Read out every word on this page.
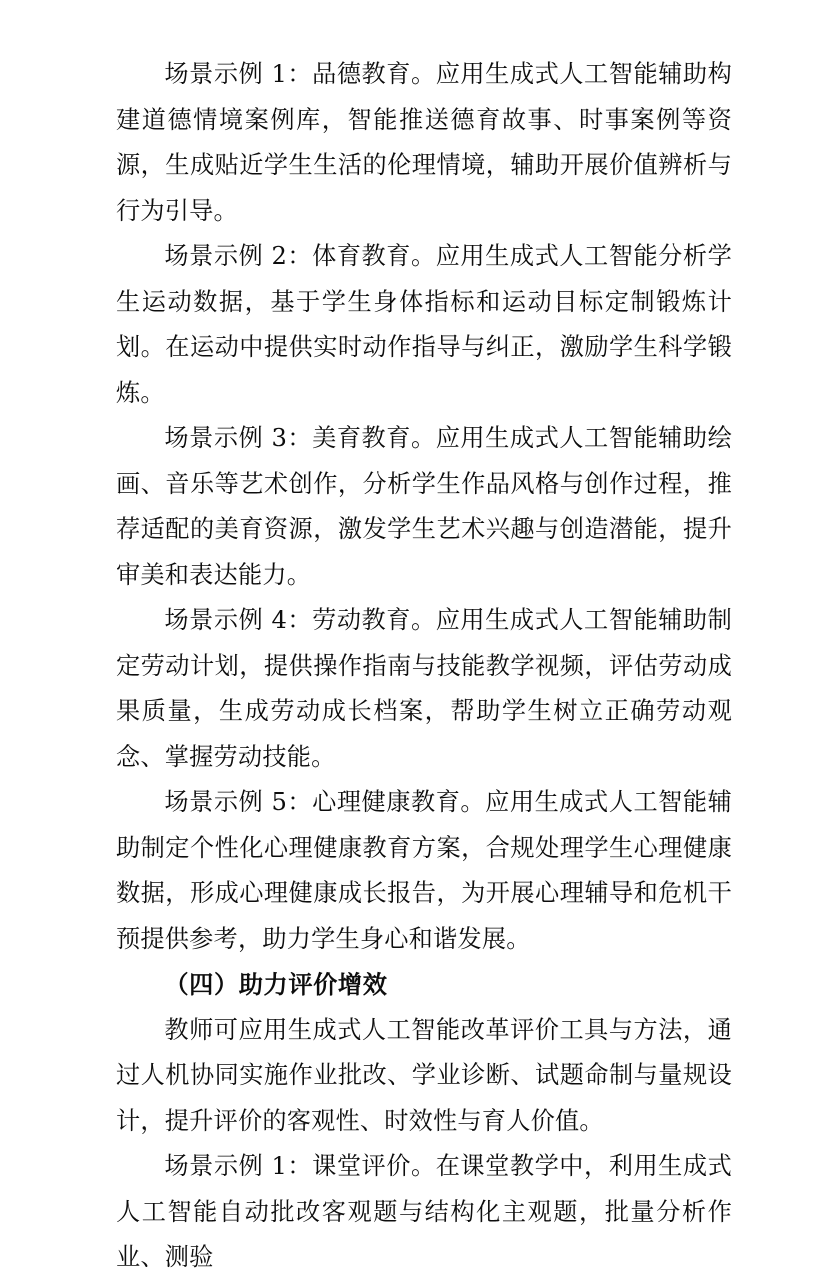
场景示例 1：品德教育。应用生成式人工智能辅助构建道德情境案例库，智能推送德育故事、时事案例等资源，生成贴近学生生活的伦理情境，辅助开展价值辨析与行为引导。

场景示例 2：体育教育。应用生成式人工智能分析学生运动数据，基于学生身体指标和运动目标定制锻炼计划。在运动中提供实时动作指导与纠正，激励学生科学锻炼。

场景示例 3：美育教育。应用生成式人工智能辅助绘画、音乐等艺术创作，分析学生作品风格与创作过程，推荐适配的美育资源，激发学生艺术兴趣与创造潜能，提升审美和表达能力。

场景示例 4：劳动教育。应用生成式人工智能辅助制定劳动计划，提供操作指南与技能教学视频，评估劳动成果质量，生成劳动成长档案，帮助学生树立正确劳动观念、掌握劳动技能。

场景示例 5：心理健康教育。应用生成式人工智能辅助制定个性化心理健康教育方案，合规处理学生心理健康数据，形成心理健康成长报告，为开展心理辅导和危机干预提供参考，助力学生身心和谐发展。

（四）助力评价增效

教师可应用生成式人工智能改革评价工具与方法，通过人机协同实施作业批改、学业诊断、试题命制与量规设计，提升评价的客观性、时效性与育人价值。

场景示例 1：课堂评价。在课堂教学中，利用生成式人工智能自动批改客观题与结构化主观题，批量分析作业、测验
